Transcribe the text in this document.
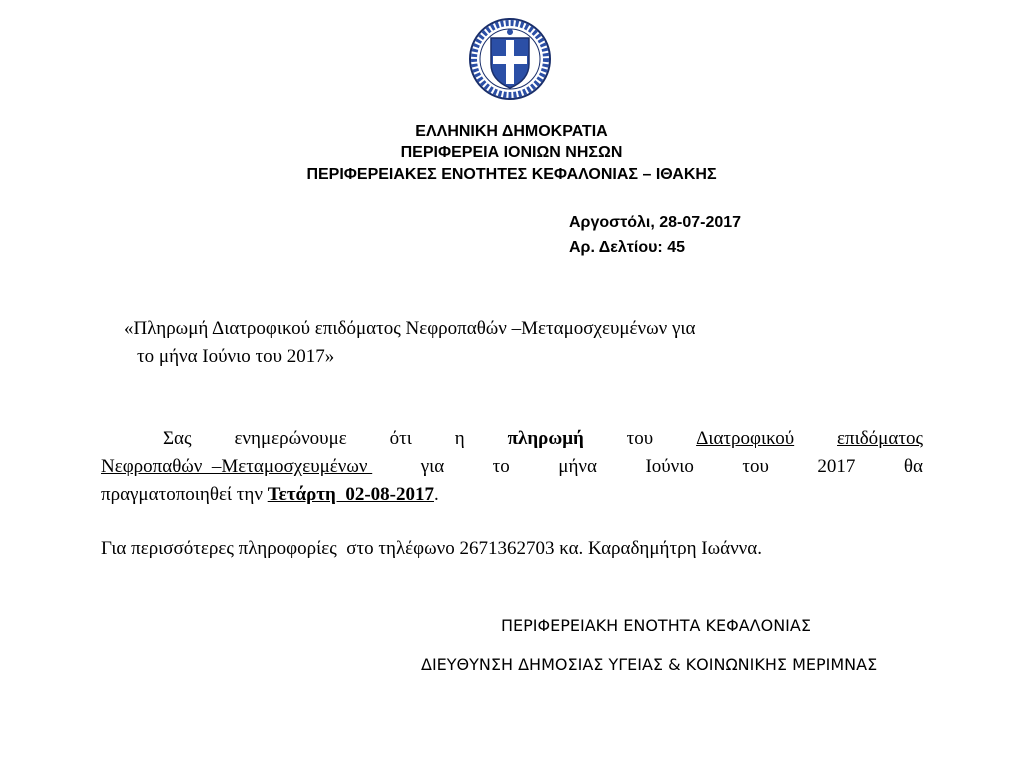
ΕΛΛΗΝΙΚΗ ΔΗΜΟΚΡΑΤΙΑ
ΠΕΡΙΦΕΡΕΙΑ ΙΟΝΙΩΝ ΝΗΣΩΝ
ΠΕΡΙΦΕΡΕΙΑΚΕΣ ΕΝΟΤΗΤΕΣ ΚΕΦΑΛΟΝΙΑΣ – ΙΘΑΚΗΣ
Αργοστόλι, 28-07-2017
Αρ. Δελτίου: 45
«Πληρωμή Διατροφικού επιδόματος Νεφροπαθών –Μεταμοσχευμένων για
το μήνα Ιούνιο του 2017»
Σας ενημερώνουμε ότι η πληρωμή του Διατροφικού επιδόματος
Νεφροπαθών  –Μεταμοσχευμένων	για	το	μήνα	Ιούνιο	του	2017	θα
πραγματοποιηθεί την Τετάρτη  02-08-2017.
Για περισσότερες πληροφορίες  στο τηλέφωνο 2671362703 κα. Καραδημήτρη Ιωάννα.
ΠΕΡΙΦΕΡΕΙΑΚΗ ΕΝΟΤΗΤΑ ΚΕΦΑΛΟΝΙΑΣ
ΔΙΕΥΘΥΝΣΗ ΔΗΜΟΣΙΑΣ ΥΓΕΙΑΣ & ΚΟΙΝΩΝΙΚΗΣ ΜΕΡΙΜΝΑΣ
